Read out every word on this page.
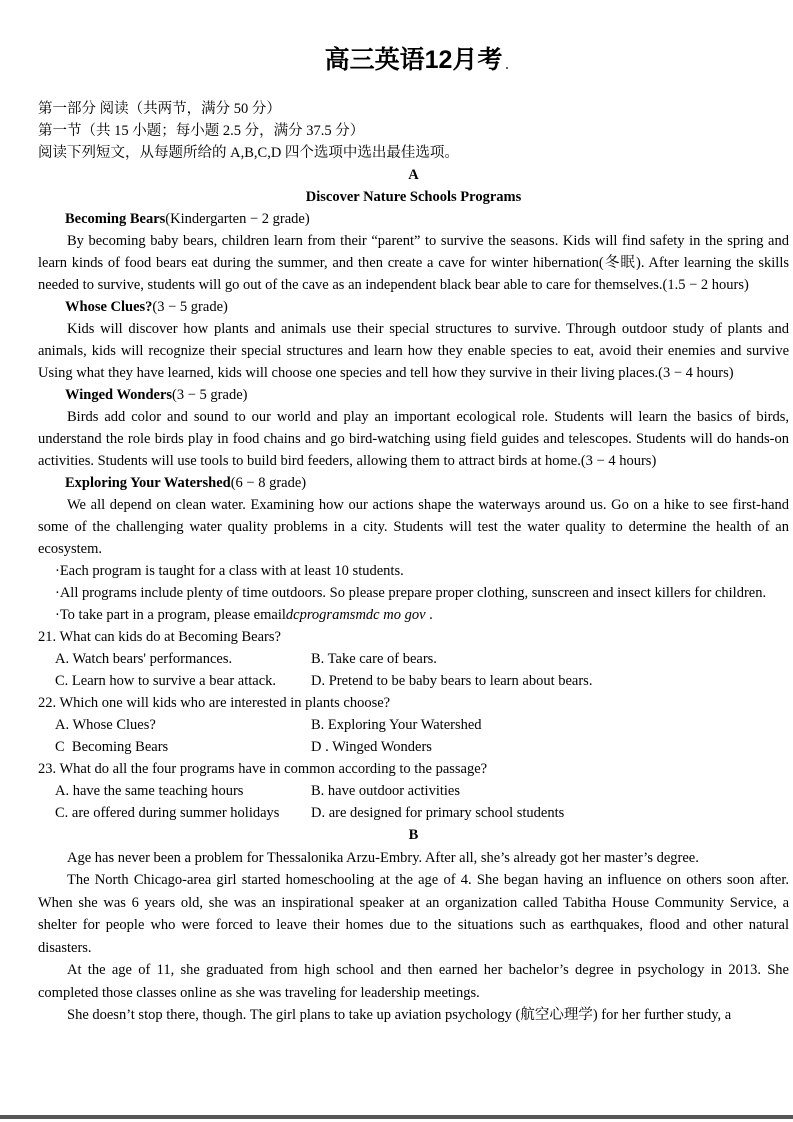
高三英语12月考

第一部分 阅读（共两节，满分 50 分）

第一节（共 15 小题；每小题 2.5 分，满分 37.5 分）

阅读下列短文，从每题所给的 A,B,C,D 四个选项中选出最佳选项。

A

Discover Nature Schools Programs

Becoming Bears(Kindergarten − 2 grade)

By becoming baby bears, children learn from their “parent” to survive the seasons. Kids will find safety in the spring and learn kinds of food bears eat during the summer, and then create a cave for winter hibernation(冬眠). After learning the skills needed to survive, students will go out of the cave as an independent black bear able to care for themselves.(1.5 − 2 hours)

Whose Clues?(3 − 5 grade)

Kids will discover how plants and animals use their special structures to survive. Through outdoor study of plants and animals, kids will recognize their special structures and learn how they enable species to eat, avoid their enemies and survive Using what they have learned, kids will choose one species and tell how they survive in their living places.(3 − 4 hours)

Winged Wonders(3 − 5 grade)

Birds add color and sound to our world and play an important ecological role. Students will learn the basics of birds, understand the role birds play in food chains and go bird-watching using field guides and telescopes. Students will do hands-on activities. Students will use tools to build bird feeders, allowing them to attract birds at home.(3 − 4 hours)

Exploring Your Watershed(6 − 8 grade)

We all depend on clean water. Examining how our actions shape the waterways around us. Go on a hike to see first-hand some of the challenging water quality problems in a city. Students will test the water quality to determine the health of an ecosystem.

·Each program is taught for a class with at least 10 students.

·All programs include plenty of time outdoors. So please prepare proper clothing, sunscreen and insect killers for children.

·To take part in a program, please emaildcprogramsmdc mo gov .

21. What can kids do at Becoming Bears?

A. Watch bears' performances.	B. Take care of bears.
C. Learn how to survive a bear attack.	D. Pretend to be baby bears to learn about bears.

22. Which one will kids who are interested in plants choose?

A. Whose Clues?	B. Exploring Your Watershed
C  Becoming Bears	D . Winged Wonders

23. What do all the four programs have in common according to the passage?

A. have the same teaching hours	B. have outdoor activities
C. are offered during summer holidays	D. are designed for primary school students

B

Age has never been a problem for Thessalonika Arzu-Embry. After all, she’s already got her master’s degree.

The North Chicago-area girl started homeschooling at the age of 4. She began having an influence on others soon after. When she was 6 years old, she was an inspirational speaker at an organization called Tabitha House Community Service, a shelter for people who were forced to leave their homes due to the situations such as earthquakes, flood and other natural disasters.

At the age of 11, she graduated from high school and then earned her bachelor’s degree in psychology in 2013. She completed those classes online as she was traveling for leadership meetings.

She doesn’t stop there, though. The girl plans to take up aviation psychology (航空心理学) for her further study, a
